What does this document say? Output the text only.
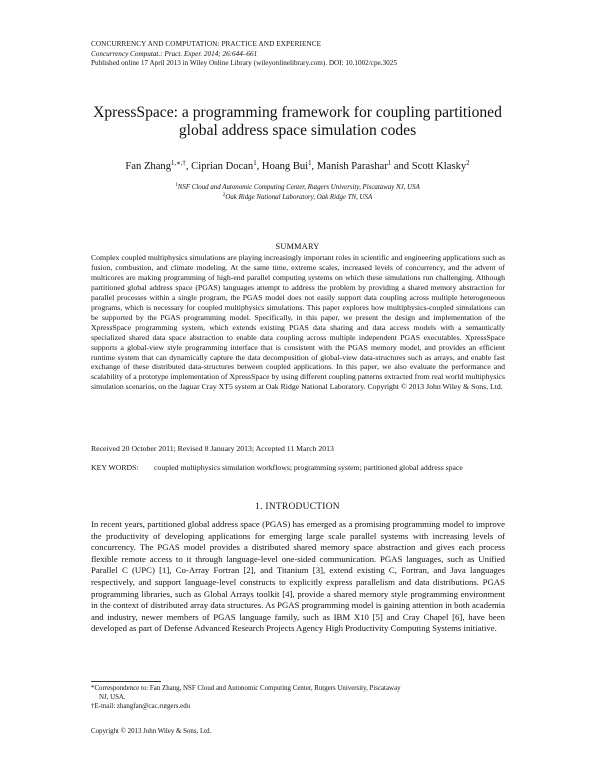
CONCURRENCY AND COMPUTATION: PRACTICE AND EXPERIENCE
Concurrency Computat.: Pract. Exper. 2014; 26:644–661
Published online 17 April 2013 in Wiley Online Library (wileyonlinelibrary.com). DOI: 10.1002/cpe.3025
XpressSpace: a programming framework for coupling partitioned
global address space simulation codes
Fan Zhang$^{1,∗,\dagger}$, Ciprian Docan$^1$, Hoang Bui$^1$, Manish Parashar$^1$ and Scott Klasky$^2$
$^1$NSF Cloud and Autonomic Computing Center, Rutgers University, Piscataway NJ, USA
$^2$Oak Ridge National Laboratory, Oak Ridge TN, USA
SUMMARY

Complex coupled multiphysics simulations are playing increasingly important roles in scientific and engineering applications such as fusion, combustion, and climate modeling. At the same time, extreme scales, increased levels of concurrency, and the advent of multicores are making programming of high-end parallel computing systems on which these simulations run challenging. Although partitioned global address space (PGAS) languages attempt to address the problem by providing a shared memory abstraction for parallel processes within a single program, the PGAS model does not easily support data coupling across multiple heterogeneous programs, which is necessary for coupled multiphysics simulations. This paper explores how multiphysics-coupled simulations can be supported by the PGAS programming model. Specifically, in this paper, we present the design and implementation of the XpressSpace programming system, which extends existing PGAS data sharing and data access models with a semantically specialized shared data space abstraction to enable data coupling across multiple independent PGAS executables. XpressSpace supports a global-view style programming interface that is consistent with the PGAS memory model, and provides an efficient runtime system that can dynamically capture the data decomposition of global-view data-structures such as arrays, and enable fast exchange of these distributed data-structures between coupled applications. In this paper, we also evaluate the performance and scalability of a prototype implementation of XpressSpace by using different coupling patterns extracted from real world multiphysics simulation scenarios, on the Jaguar Cray XT5 system at Oak Ridge National Laboratory. Copyright © 2013 John Wiley & Sons, Ltd.

Received 20 October 2011; Revised 8 January 2013; Accepted 11 March 2013
KEY WORDS:	coupled multiphysics simulation workflows; programming system; partitioned global address space
1. INTRODUCTION

In recent years, partitioned global address space (PGAS) has emerged as a promising programming model to improve the productivity of developing applications for emerging large scale parallel systems with increasing levels of concurrency. The PGAS model provides a distributed shared memory space abstraction and gives each process flexible remote access to it through language-level one-sided communication. PGAS languages, such as Unified Parallel C (UPC) [1], Co-Array Fortran [2], and Titanium [3], extend existing C, Fortran, and Java languages respectively, and support language-level constructs to explicitly express parallelism and data distributions. PGAS programming libraries, such as Global Arrays toolkit [4], provide a shared memory style programming environment in the context of distributed array data structures. As PGAS programming model is gaining attention in both academia and industry, newer members of PGAS language family, such as IBM X10 [5] and Cray Chapel [6], have been developed as part of Defense Advanced Research Projects Agency High Productivity Computing Systems initiative.

*Correspondence to: Fan Zhang, NSF Cloud and Autonomic Computing Center, Rutgers University, Piscataway
NJ, USA.

†E-mail: zhangfan@cac.rutgers.edu

Copyright © 2013 John Wiley & Sons, Ltd.
